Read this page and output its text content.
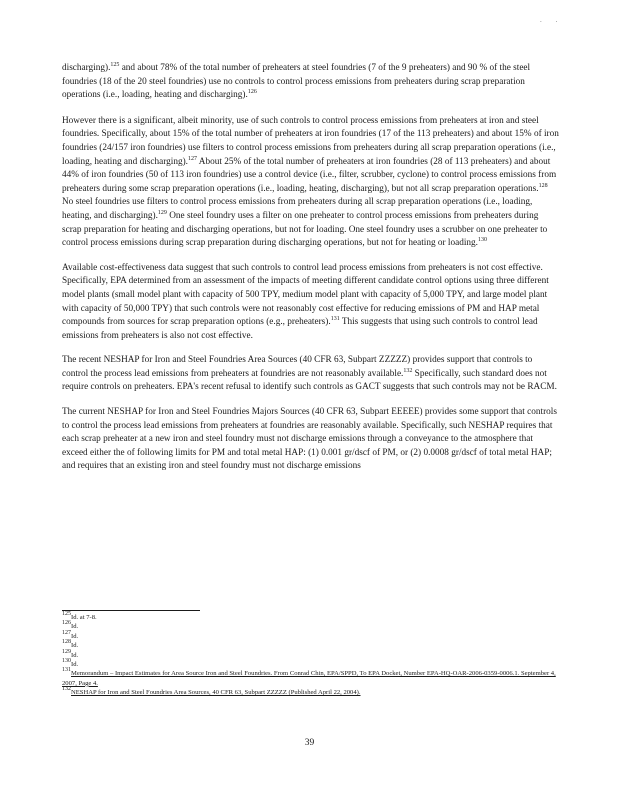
. .

discharging).$^{125}$ and about 78% of the total number of preheaters at steel foundries (7 of the 9 preheaters) and 90 % of the steel foundries (18 of the 20 steel foundries) use no controls to control process emissions from preheaters during scrap preparation operations (i.e., loading, heating and discharging).$^{126}$

However there is a significant, albeit minority, use of such controls to control process emissions from preheaters at iron and steel foundries. Specifically, about 15% of the total number of preheaters at iron foundries (17 of the 113 preheaters) and about 15% of iron foundries (24/157 iron foundries) use filters to control process emissions from preheaters during all scrap preparation operations (i.e., loading, heating and discharging).$^{127}$ About 25% of the total number of preheaters at iron foundries (28 of 113 preheaters) and about 44% of iron foundries (50 of 113 iron foundries) use a control device (i.e., filter, scrubber, cyclone) to control process emissions from preheaters during some scrap preparation operations (i.e., loading, heating, discharging), but not all scrap preparation operations.$^{128}$ No steel foundries use filters to control process emissions from preheaters during all scrap preparation operations (i.e., loading, heating, and discharging).$^{129}$ One steel foundry uses a filter on one preheater to control process emissions from preheaters during scrap preparation for heating and discharging operations, but not for loading. One steel foundry uses a scrubber on one preheater to control process emissions during scrap preparation during discharging operations, but not for heating or loading.$^{130}$

Available cost-effectiveness data suggest that such controls to control lead process emissions from preheaters is not cost effective. Specifically, EPA determined from an assessment of the impacts of meeting different candidate control options using three different model plants (small model plant with capacity of 500 TPY, medium model plant with capacity of 5,000 TPY, and large model plant with capacity of 50,000 TPY) that such controls were not reasonably cost effective for reducing emissions of PM and HAP metal compounds from sources for scrap preparation options (e.g., preheaters).$^{131}$ This suggests that using such controls to control lead emissions from preheaters is also not cost effective.

The recent NESHAP for Iron and Steel Foundries Area Sources (40 CFR 63, Subpart ZZZZZ) provides support that controls to control the process lead emissions from preheaters at foundries are not reasonably available.$^{132}$ Specifically, such standard does not require controls on preheaters. EPA's recent refusal to identify such controls as GACT suggests that such controls may not be RACM.

The current NESHAP for Iron and Steel Foundries Majors Sources (40 CFR 63, Subpart EEEEE) provides some support that controls to control the process lead emissions from preheaters at foundries are reasonably available. Specifically, such NESHAP requires that each scrap preheater at a new iron and steel foundry must not discharge emissions through a conveyance to the atmosphere that exceed either the of following limits for PM and total metal HAP: (1) 0.001 gr/dscf of PM, or (2) 0.0008 gr/dscf of total metal HAP; and requires that an existing iron and steel foundry must not discharge emissions

$^{125}$Id. at 7-8.

$^{126}$Id.

$^{127}$Id.

$^{128}$Id.

$^{129}$Id.

$^{130}$Id.

$^{131}$Memorandum – Impact Estimates for Area Source Iron and Steel Foundries. From Conrad Chin, EPA/SPPD, To EPA Docket, Number EPA-HQ-OAR-2006-0359-0006.1. September 4, 2007, Page 4.

$^{132}$NESHAP for Iron and Steel Foundries Area Sources, 40 CFR 63, Subpart ZZZZZ (Published April 22, 2004).

39
